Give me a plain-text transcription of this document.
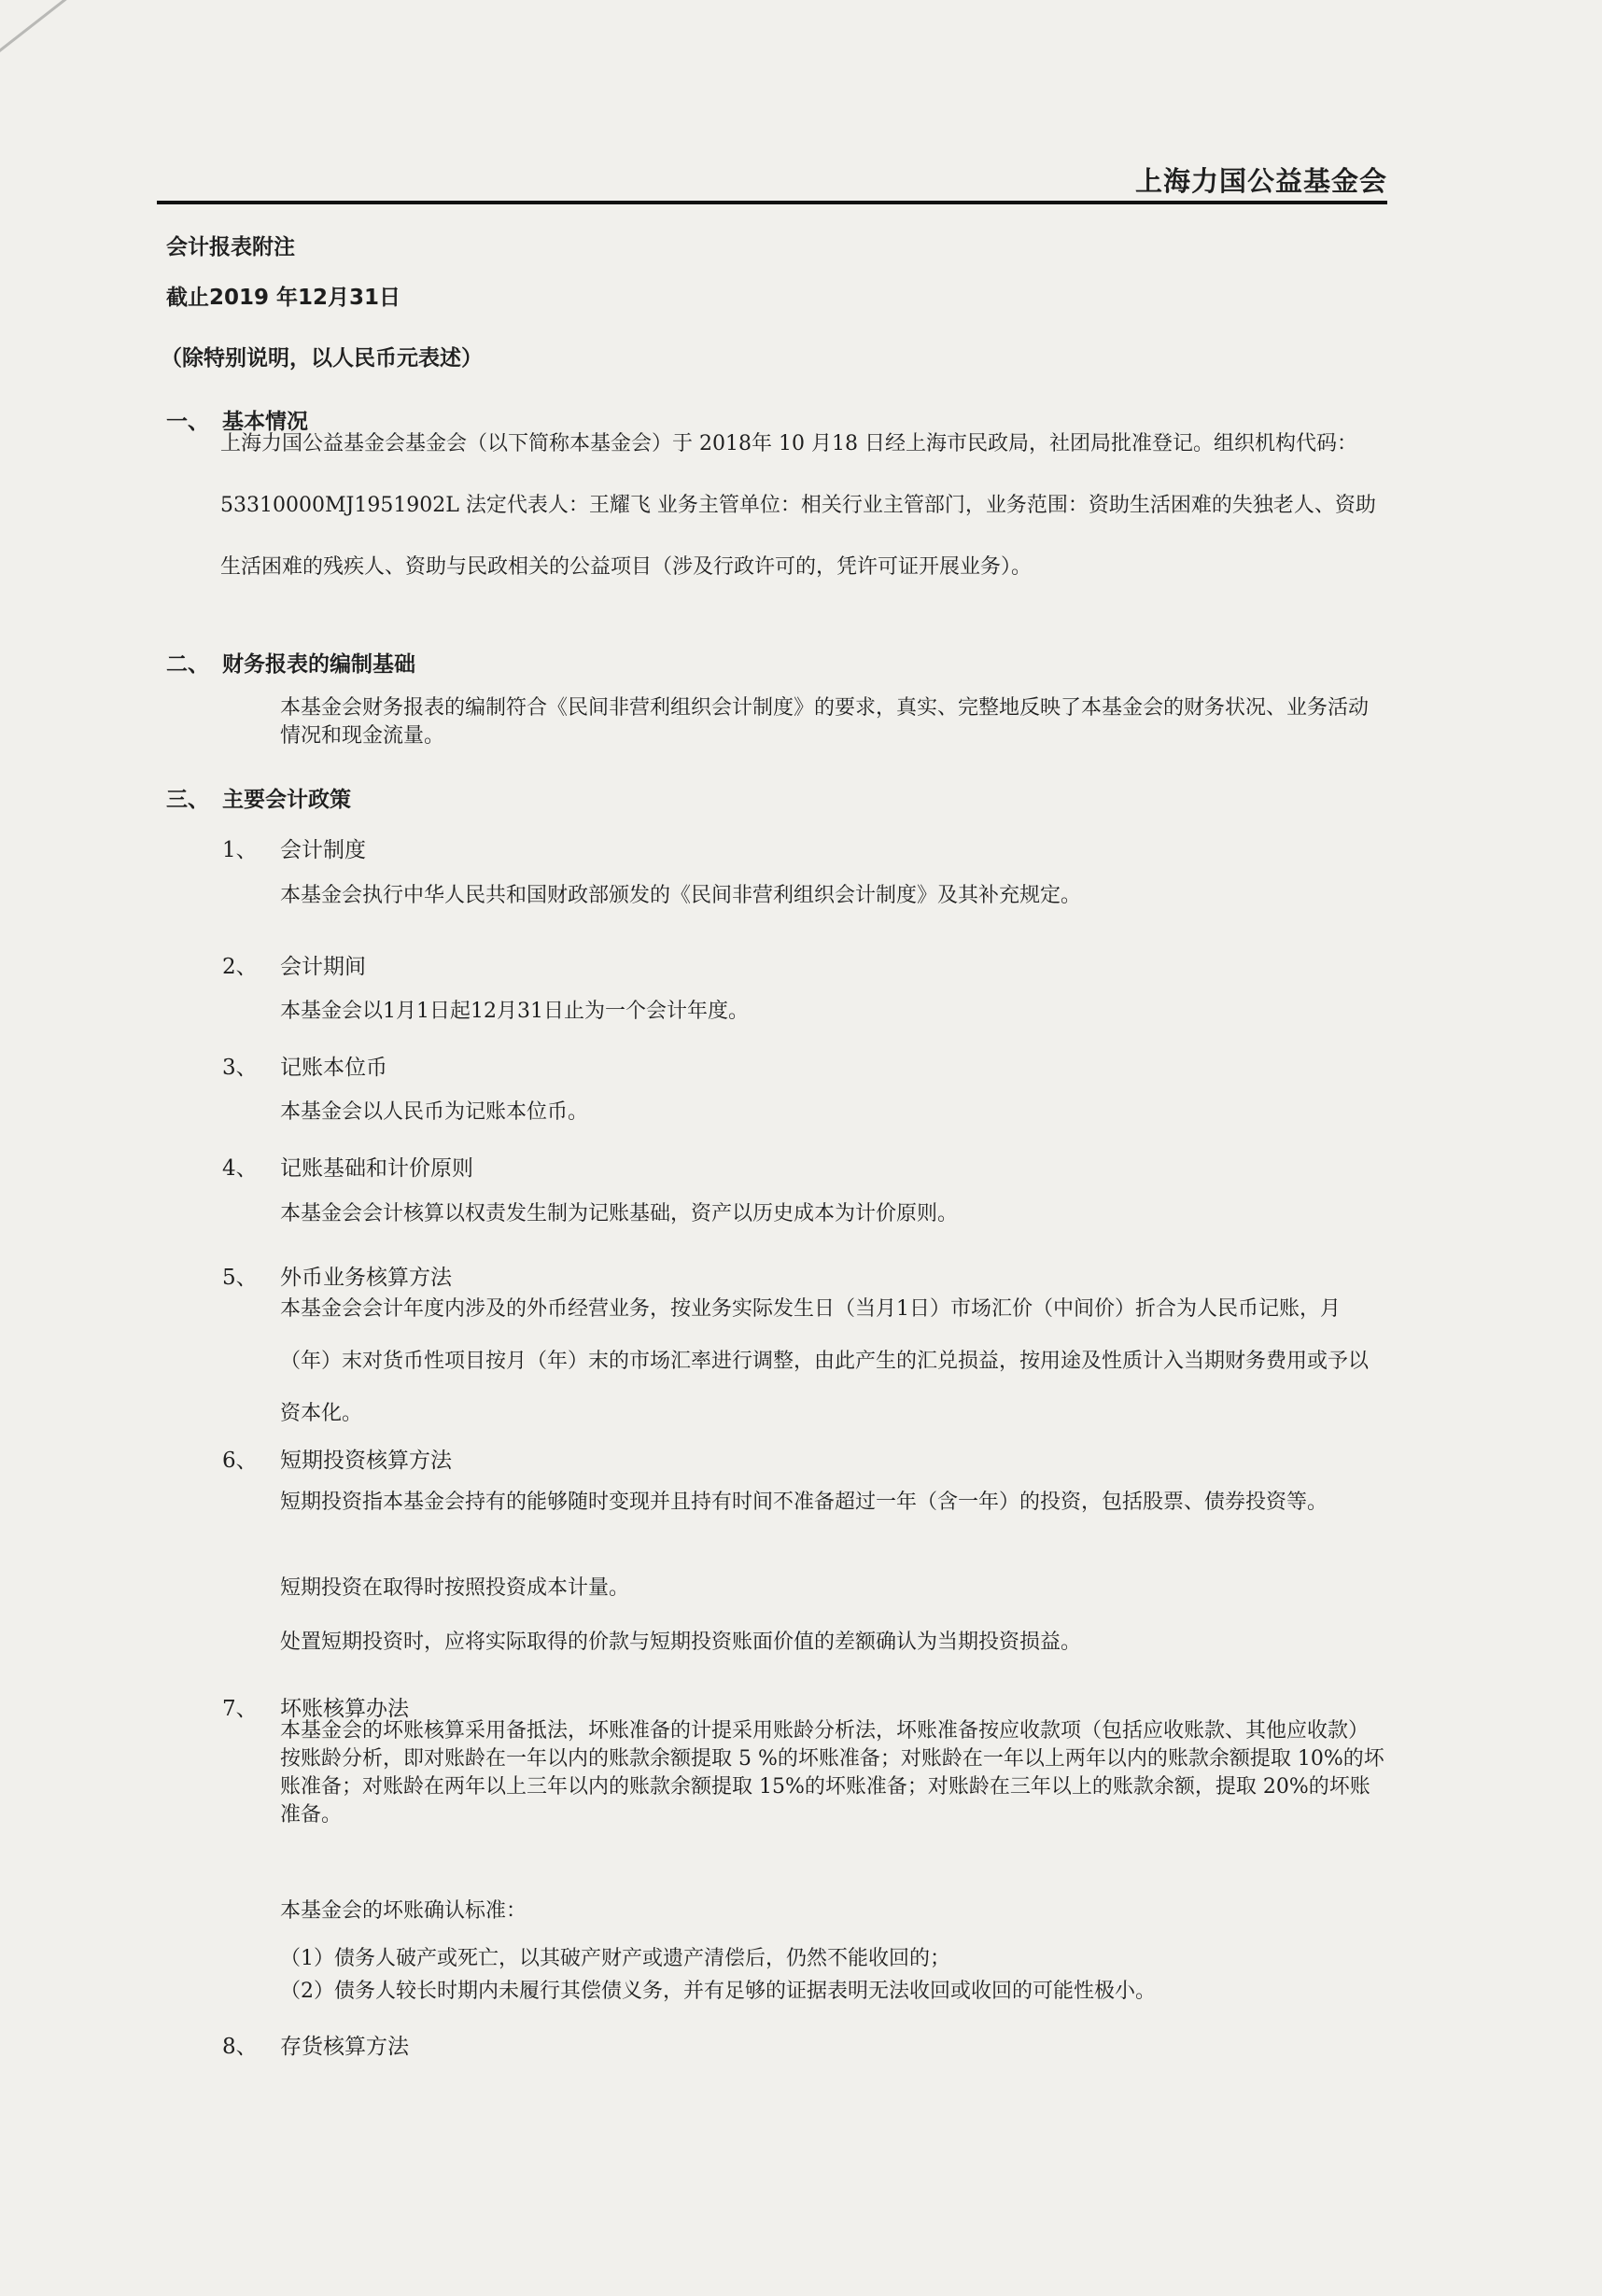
上海力国公益基金会
会计报表附注
截止2019 年12月31日
（除特别说明，以人民币元表述）
一、 基本情况
上海力国公益基金会基金会（以下简称本基金会）于 2018年 10 月18 日经上海市民政局，社团局批准登记。组织机构代码：53310000MJ1951902L 法定代表人：王耀飞 业务主管单位：相关行业主管部门，业务范围：资助生活困难的失独老人、资助生活困难的残疾人、资助与民政相关的公益项目（涉及行政许可的，凭许可证开展业务）。
二、 财务报表的编制基础
本基金会财务报表的编制符合《民间非营利组织会计制度》的要求，真实、完整地反映了本基金会的财务状况、业务活动情况和现金流量。
三、 主要会计政策
1、 会计制度
本基金会执行中华人民共和国财政部颁发的《民间非营利组织会计制度》及其补充规定。
2、 会计期间
本基金会以1月1日起12月31日止为一个会计年度。
3、 记账本位币
本基金会以人民币为记账本位币。
4、 记账基础和计价原则
本基金会会计核算以权责发生制为记账基础，资产以历史成本为计价原则。
5、 外币业务核算方法
本基金会会计年度内涉及的外币经营业务，按业务实际发生日（当月1日）市场汇价（中间价）折合为人民币记账，月（年）末对货币性项目按月（年）末的市场汇率进行调整，由此产生的汇兑损益，按用途及性质计入当期财务费用或予以资本化。
6、 短期投资核算方法
短期投资指本基金会持有的能够随时变现并且持有时间不准备超过一年（含一年）的投资，包括股票、债券投资等。
短期投资在取得时按照投资成本计量。
处置短期投资时，应将实际取得的价款与短期投资账面价值的差额确认为当期投资损益。
7、 坏账核算办法
本基金会的坏账核算采用备抵法，坏账准备的计提采用账龄分析法，坏账准备按应收款项（包括应收账款、其他应收款）按账龄分析，即对账龄在一年以内的账款余额提取 5 %的坏账准备；对账龄在一年以上两年以内的账款余额提取 10%的坏账准备；对账龄在两年以上三年以内的账款余额提取 15%的坏账准备；对账龄在三年以上的账款余额，提取 20%的坏账准备。
本基金会的坏账确认标准：
（1）债务人破产或死亡，以其破产财产或遗产清偿后，仍然不能收回的；
（2）债务人较长时期内未履行其偿债义务，并有足够的证据表明无法收回或收回的可能性极小。
8、 存货核算方法
